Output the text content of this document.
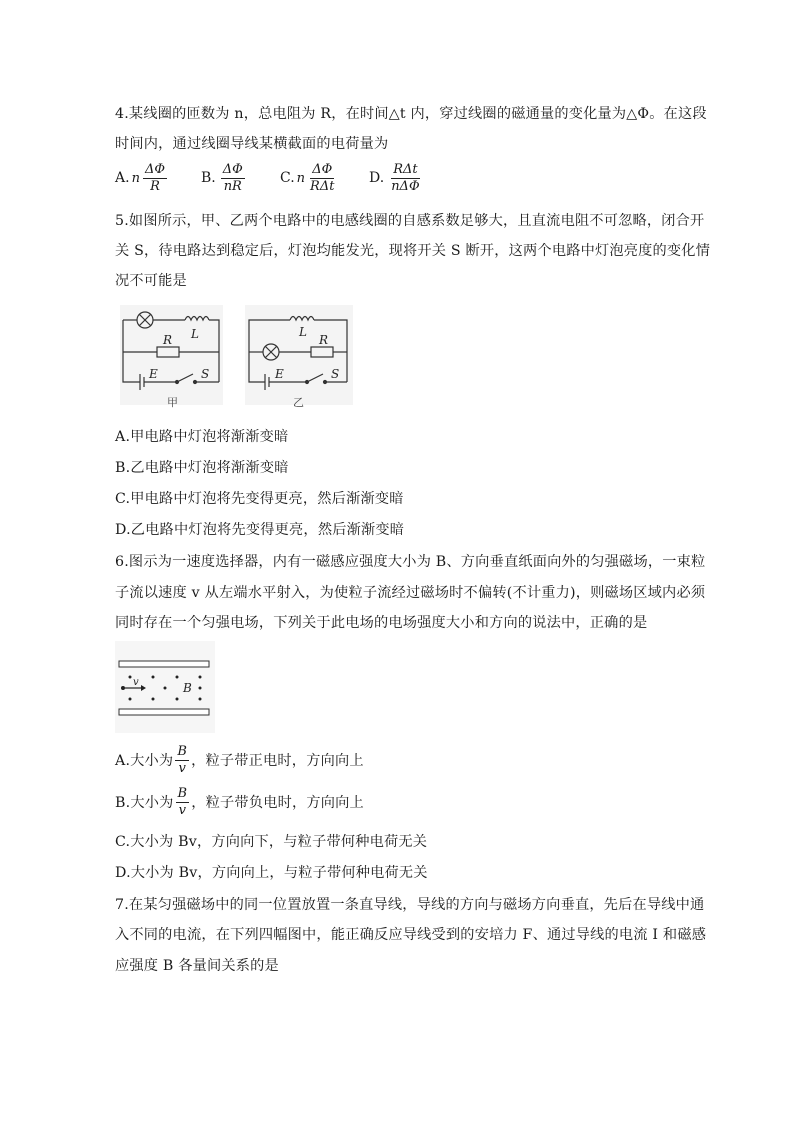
4.某线圈的匝数为 n，总电阻为 R，在时间△t 内，穿过线圈的磁通量的变化量为△Φ。在这段
时间内，通过线圈导线某横截面的电荷量为
A. n $\frac{\Delta\Phi}{R} B$. $\frac{\Delta\Phi}{nR}$	C. n $\frac{\Delta\Phi}{\text{RΔt}} D$. $\frac{\text{RΔt}}{\text{nΔΦ}}$
5.如图所示，甲、乙两个电路中的电感线圈的自感系数足够大，且直流电阻不可忽略，闭合开
关 S，待电路达到稳定后，灯泡均能发光，现将开关 S 断开，这两个电路中灯泡亮度的变化情
况不可能是
L
R
E	S
L
R
E	S
甲	乙
A.甲电路中灯泡将渐渐变暗
B.乙电路中灯泡将渐渐变暗
C.甲电路中灯泡将先变得更亮，然后渐渐变暗
D.乙电路中灯泡将先变得更亮，然后渐渐变暗
6.图示为一速度选择器，内有一磁感应强度大小为 B、方向垂直纸面向外的匀强磁场，一束粒
子流以速度 v 从左端水平射入，为使粒子流经过磁场时不偏转(不计重力)，则磁场区域内必须
同时存在一个匀强电场，下列关于此电场的电场强度大小和方向的说法中，正确的是
v	B
A.大小为 $\frac{B}{v}$ ，粒子带正电时，方向向上
B.大小为 $\frac{B}{v}$ ，粒子带负电时，方向向上
C.大小为 Bv，方向向下，与粒子带何种电荷无关
D.大小为 Bv，方向向上，与粒子带何种电荷无关
7.在某匀强磁场中的同一位置放置一条直导线，导线的方向与磁场方向垂直，先后在导线中通
入不同的电流，在下列四幅图中，能正确反应导线受到的安培力 F、通过导线的电流 I 和磁感
应强度 B 各量间关系的是
